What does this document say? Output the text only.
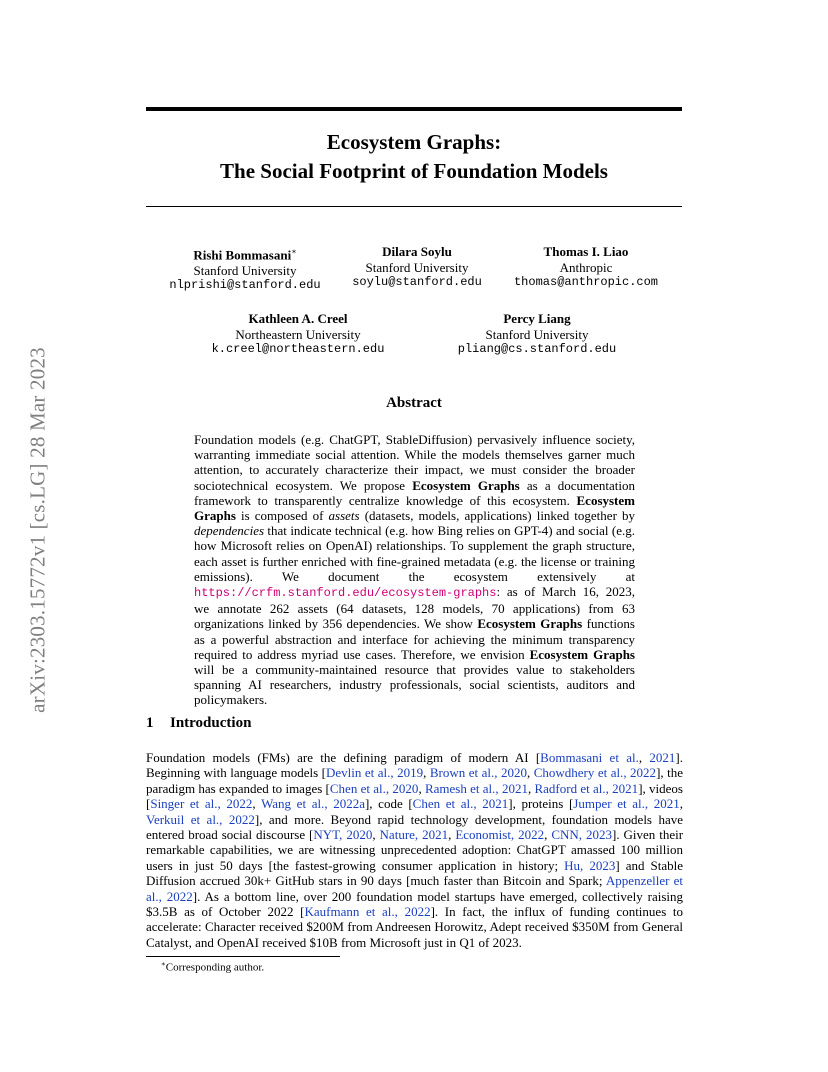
arXiv:2303.15772v1 [cs.LG] 28 Mar 2023
Ecosystem Graphs:
The Social Footprint of Foundation Models
Rishi Bommasani∗
Stanford University
nlprishi@stanford.edu
Dilara Soylu
Stanford University
soylu@stanford.edu
Thomas I. Liao
Anthropic
thomas@anthropic.com
Kathleen A. Creel
Northeastern University
k.creel@northeastern.edu
Percy Liang
Stanford University
pliang@cs.stanford.edu
Abstract
Foundation models (e.g. ChatGPT, StableDiffusion) pervasively influence society, warranting immediate social attention. While the models themselves garner much attention, to accurately characterize their impact, we must consider the broader sociotechnical ecosystem. We propose Ecosystem Graphs as a documentation framework to transparently centralize knowledge of this ecosystem. Ecosystem Graphs is composed of assets (datasets, models, applications) linked together by dependencies that indicate technical (e.g. how Bing relies on GPT-4) and social (e.g. how Microsoft relies on OpenAI) relationships. To supplement the graph structure, each asset is further enriched with fine-grained metadata (e.g. the license or training emissions). We document the ecosystem extensively at https://crfm.stanford.edu/ecosystem-graphs: as of March 16, 2023, we annotate 262 assets (64 datasets, 128 models, 70 applications) from 63 organizations linked by 356 dependencies. We show Ecosystem Graphs functions as a powerful abstraction and interface for achieving the minimum transparency required to address myriad use cases. Therefore, we envision Ecosystem Graphs will be a community-maintained resource that provides value to stakeholders spanning AI researchers, industry professionals, social scientists, auditors and policymakers.
1 Introduction
Foundation models (FMs) are the defining paradigm of modern AI [Bommasani et al., 2021]. Beginning with language models [Devlin et al., 2019, Brown et al., 2020, Chowdhery et al., 2022], the paradigm has expanded to images [Chen et al., 2020, Ramesh et al., 2021, Radford et al., 2021], videos [Singer et al., 2022, Wang et al., 2022a], code [Chen et al., 2021], proteins [Jumper et al., 2021, Verkuil et al., 2022], and more. Beyond rapid technology development, foundation models have entered broad social discourse [NYT, 2020, Nature, 2021, Economist, 2022, CNN, 2023]. Given their remarkable capabilities, we are witnessing unprecedented adoption: ChatGPT amassed 100 million users in just 50 days [the fastest-growing consumer application in history; Hu, 2023] and Stable Diffusion accrued 30k+ GitHub stars in 90 days [much faster than Bitcoin and Spark; Appenzeller et al., 2022]. As a bottom line, over 200 foundation model startups have emerged, collectively raising $3.5B as of October 2022 [Kaufmann et al., 2022]. In fact, the influx of funding continues to accelerate: Character received $200M from Andreesen Horowitz, Adept received $350M from General Catalyst, and OpenAI received $10B from Microsoft just in Q1 of 2023.
∗Corresponding author.
